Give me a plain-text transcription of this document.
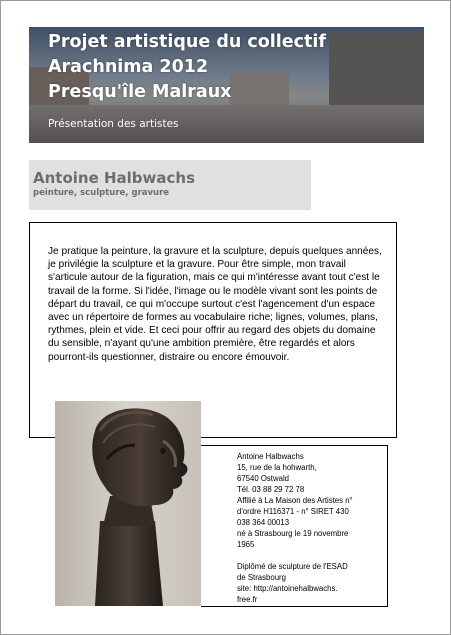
Projet artistique du collectif
Arachnima 2012
Presqu'île Malraux
Présentation des artistes
Antoine Halbwachs
peinture, sculpture, gravure

Je pratique la peinture, la gravure et la sculpture, depuis quelques années, je privilégie la sculpture et la gravure. Pour être simple, mon travail s'articule autour de la figuration, mais ce qui m'intéresse avant tout c'est le travail de la forme. Si l'idée, l'image ou le modèle vivant sont les points de départ du travail, ce qui m'occupe surtout c'est l'agencement d'un espace avec un répertoire de formes au vocabulaire riche; lignes, volumes, plans, rythmes, plein et vide. Et ceci pour offrir au regard des objets du domaine du sensible, n'ayant qu'une ambition première, être regardés et alors pourront-ils questionner, distraire ou encore émouvoir.

Antoine Halbwachs
15, rue de la hohwarth,
67540 Ostwald
Tél. 03 88 29 72 78
Affilié à La Maison des Artistes n°
d'ordre H116371 - n° SIRET 430
038 364 00013
né à Strasbourg le 19 novembre
1965
Diplômé de sculpture de l'ESAD
de Strasbourg
site: http://antoinehalbwachs.
free.fr
